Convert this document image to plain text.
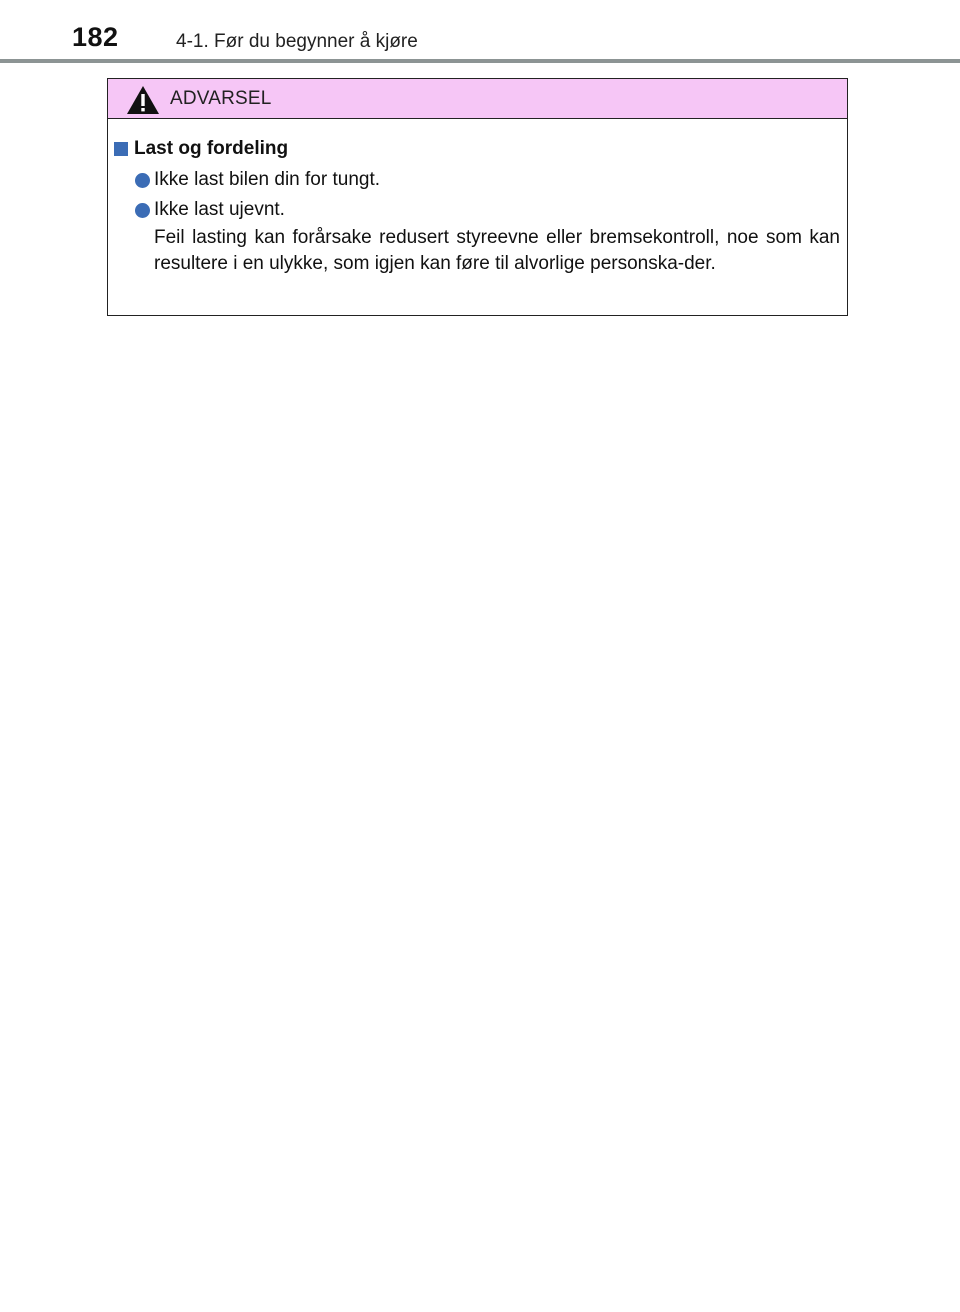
182	4-1. Før du begynner å kjøre
ADVARSEL
Last og fordeling
Ikke last bilen din for tungt.
Ikke last ujevnt.
Feil lasting kan forårsake redusert styreevne eller bremsekontroll, noe som kan resultere i en ulykke, som igjen kan føre til alvorlige personska-der.
